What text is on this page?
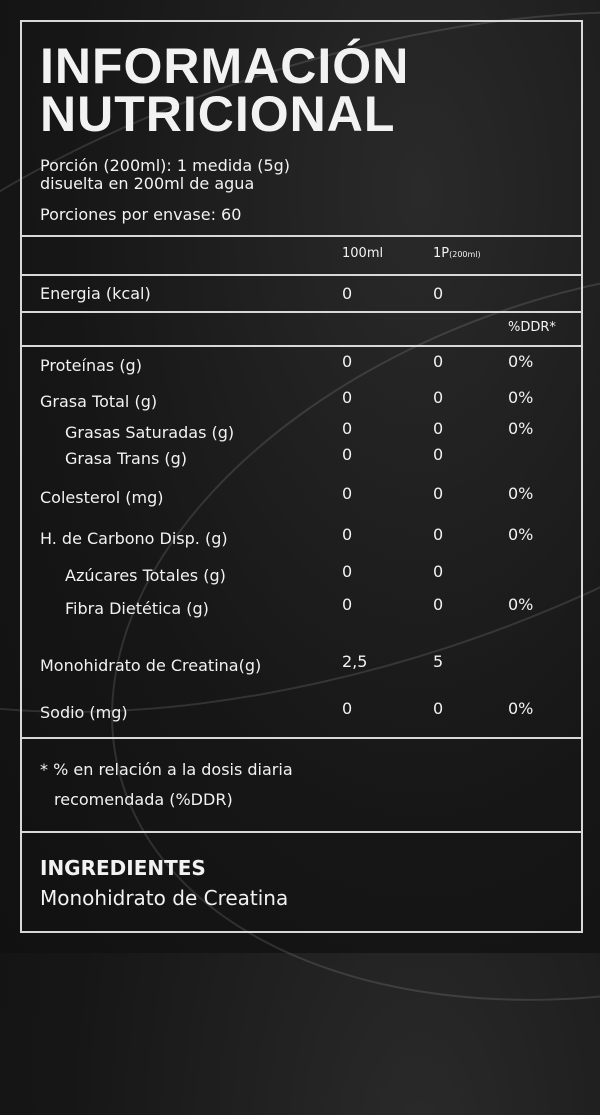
INFORMACIÓN
NUTRICIONAL
Porción (200ml): 1 medida (5g)
disuelta en 200ml de agua
Porciones por envase: 60
100ml	1P(200ml)
Energia (kcal)	0	0
%DDR*
Proteínas (g)	0	0	0%
Grasa Total (g)	0	0	0%
Grasas Saturadas (g)	0	0	0%
Grasa Trans (g)	0	0
Colesterol (mg)	0	0	0%
H. de Carbono Disp. (g)	0	0	0%
Azúcares Totales (g)	0	0
Fibra Dietética (g)	0	0	0%
Monohidrato de Creatina(g)	2,5	5
Sodio (mg)	0	0	0%
* % en relación a la dosis diaria
recomendada (%DDR)
INGREDIENTES
Monohidrato de Creatina
